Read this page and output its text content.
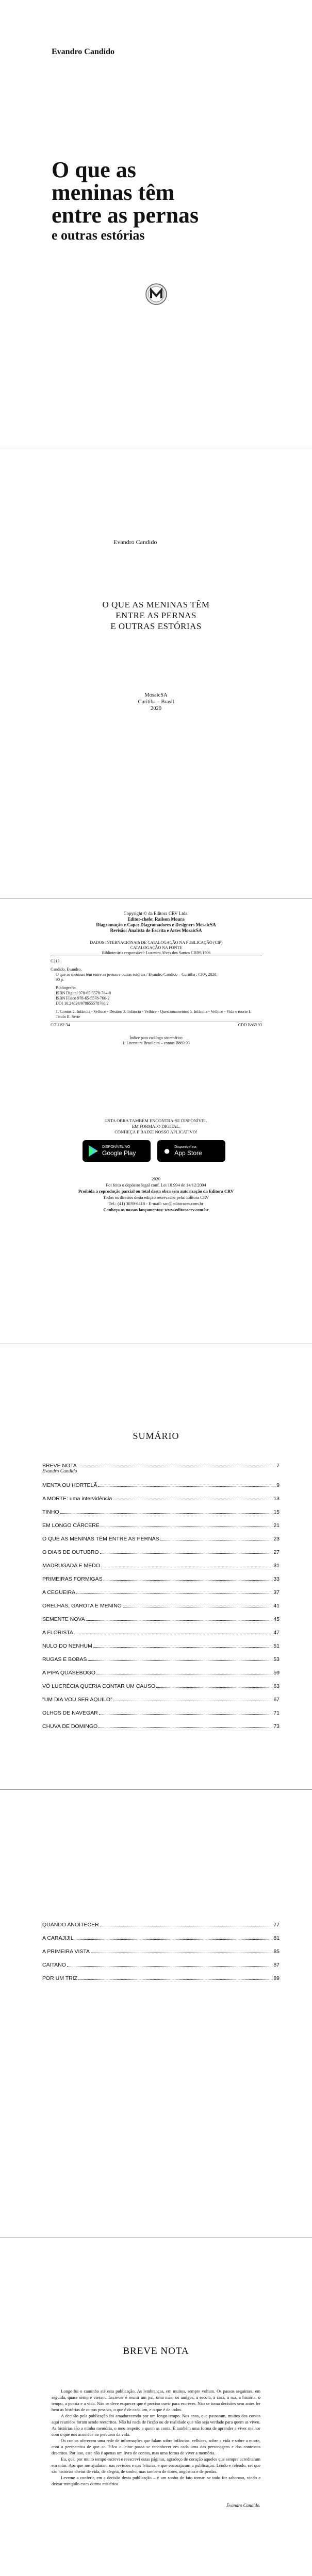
Evandro Candido
O que as
meninas têm
entre as pernas
e outras estórias
Evandro Candido
O QUE AS MENINAS TÊM
ENTRE AS PERNAS
E OUTRAS ESTÓRIAS
MosaicSA
Curitiba – Brasil
2020
Copyright © da Editora CRV Ltda.
Editor-chefe: Railson Moura
Diagramação e Capa: Diagramadores e Designers MosaicSA
Revisão: Analista de Escrita e Artes MosaicSA
DADOS INTERNACIONAIS DE CATALOGAÇÃO NA PUBLICAÇÃO (CIP)
CATALOGAÇÃO NA FONTE
Bibliotecária responsável: Luzenira Alves dos Santos CRB9/1506
C213
Candido, Evandro.
O que as meninas têm entre as pernas e outras estórias / Evandro Candido – Curitiba : CRV, 2020.
90 p.
Bibliografia
ISBN Digital 978-65-5578-764-8
ISBN Físico 978-65-5578-766-2
DOI 10.24824/978655578766.2
1. Contos 2. Infância - Velhice - Destino 3. Infância - Velhice - Questionamentos 5. Infância - Velhice - Vida e morte I. Título II. Série
CDU 82-34	CDD B869.93
Índice para catálogo sistemático
1. Literatura Brasileira – contos B869.93
ESTA OBRA TAMBÉM ENCONTRA-SE DISPONÍVEL
EM FORMATO DIGITAL.
CONHEÇA E BAIXE NOSSO APLICATIVO!
DISPONÍVEL NO
Google Play ● Disponível na
App Store
2020
Foi feito o depósito legal conf. Lei 10.994 de 14/12/2004
Proibida a reprodução parcial ou total desta obra sem autorização da Editora CRV
Todos os direitos desta edição reservados pela: Editora CRV
Tel.: (41) 3039-6418 - E-mail: sac@editoracrv.com.br
Conheça os nossos lançamentos: www.editoracrv.com.br
SUMÁRIO
BREVE NOTA	7
Evandro Candido
MENTA OU HORTELÃ	9
A MORTE: uma intervidência	13
TINHO	15
EM LONGO CÁRCERE	21
O QUE AS MENINAS TÊM ENTRE AS PERNAS	23
O DIA 5 DE OUTUBRO	27
MADRUGADA E MEDO	31
PRIMEIRAS FORMIGAS	33
A CEGUEIRA	37
ORELHAS, GAROTA E MENINO	41
SEMENTE NOVA	45
A FLORISTA	47
NULO DO NENHUM	51
RUGAS E BOBAS	53
A PIPA QUASEBOGO	59
VÓ LUCRÉCIA QUERIA CONTAR UM CAUSO	63
"UM DIA VOU SER AQUILO"	67
OLHOS DE NAVEGAR	71
CHUVA DE DOMINGO	73
QUANDO ANOITECER	77
A CARAJIJIL	81
A PRIMEIRA VISTA	85
CAITANO	87
POR UM TRIZ	89
BREVE NOTA

Longe fui o caminho até esta publicação. As lembranças, em muitos, sempre voltam. Os passos seguintes, em seguida, quase sempre vieram. Escrever é reunir um pai, uma mãe, os amigos, a escola, a casa, a rua, a história, o tempo, a poesia e a vida. Não se deve esquecer que é preciso ouvir para escrever. Não se toma decisões sem antes ler bem as histórias de outras pessoas, o que é de cada um, e o que é de todos.

A decisão pela publicação foi amadurecendo por um longo tempo. Nos anos, que passaram, muitos dos contos aqui reunidos foram sendo reescritos. Não há nada de ficção ou de realidade que não seja verdade para quem as viveu. As histórias são a minha memória, o meu respeito a quem as conta. É também uma forma de aprender a viver melhor com o que nos acontece no percurso da vida.

Os contos oferecem uma rede de informações que falam sobre infâncias, velhices, sobre a vida e sobre a morte, com a perspectiva de que ao lê-los o leitor possa se reconhecer em cada uma das personagens e dos contextos descritos. Por isso, este não é apenas um livro de contos, mas uma forma de viver a memória.

Eu, que, por muito tempo escrevi e reescrevi estas páginas, agradeço de coração àqueles que sempre acreditaram em mim. Aos que me ajudaram nas revisões e nas leituras, e que encorajaram a publicação. Lendo e relendo, sei que são histórias cheias de vida, de alegria, de sonho, mas também de dores, angústias e de perdas.

Leveme a conferir, em a decisão desta publicação – é um sonho de fato tornar, se todo for saboroso, vindo e deixar tranquilo estes outros mistérios.

Evandro Candido.
